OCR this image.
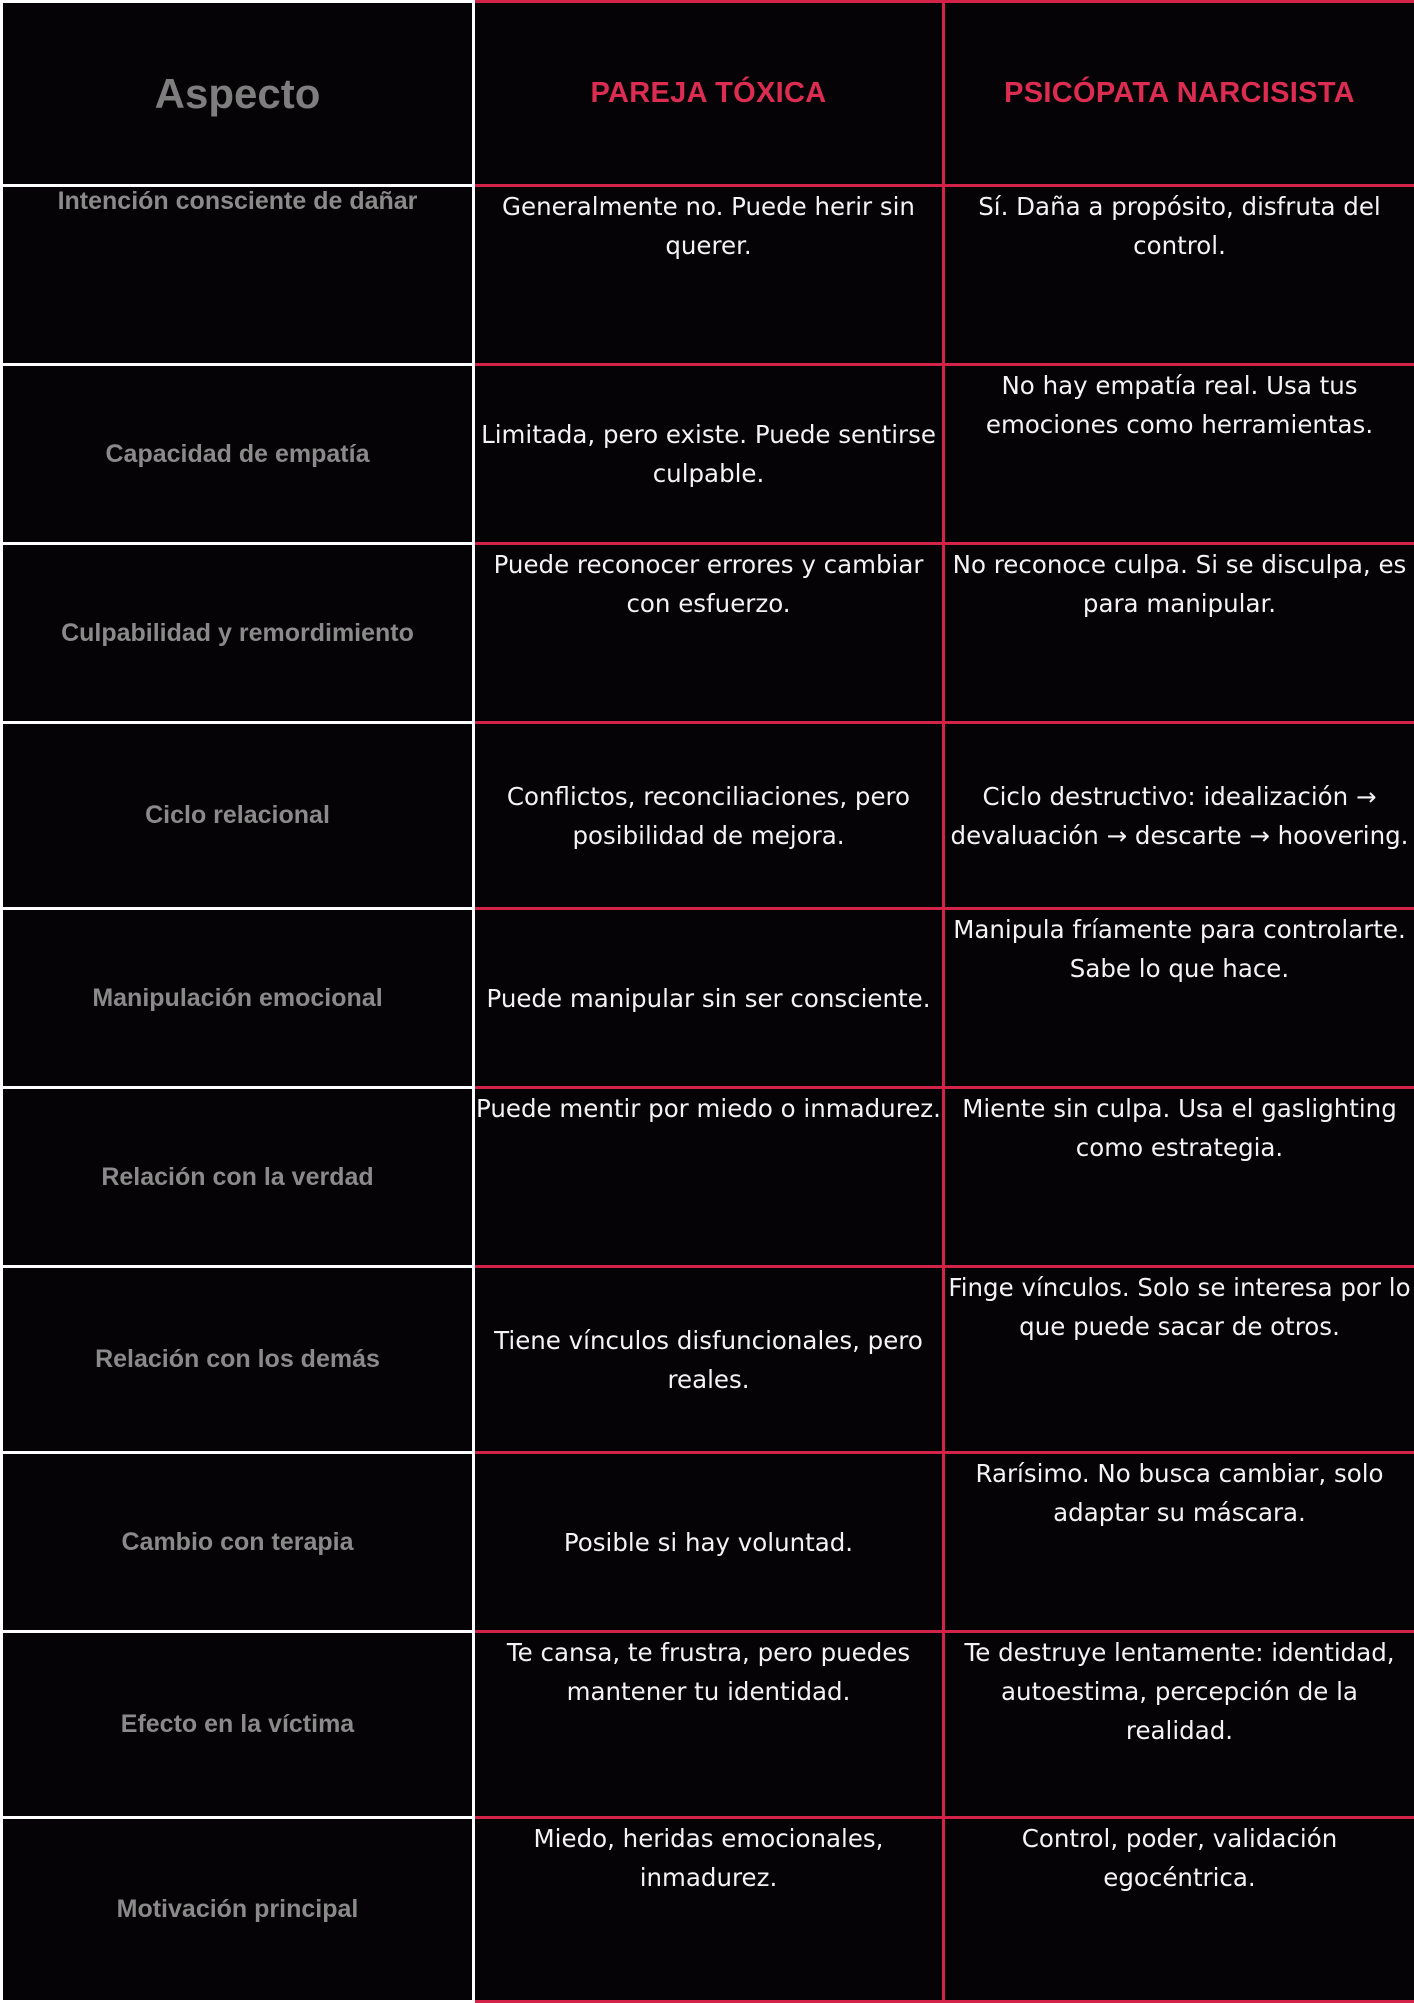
Aspecto	PAREJA TÓXICA	PSICÓPATA NARCISISTA
Intención consciente de dañar	Generalmente no. Puede herir sin querer.	Sí. Daña a propósito, disfruta del control.
Capacidad de empatía	Limitada, pero existe. Puede sentirse culpable.	No hay empatía real. Usa tus emociones como herramientas.
Culpabilidad y remordimiento	Puede reconocer errores y cambiar con esfuerzo.	No reconoce culpa. Si se disculpa, es para manipular.
Ciclo relacional	Conflictos, reconciliaciones, pero posibilidad de mejora.	Ciclo destructivo: idealización → devaluación → descarte → hoovering.
Manipulación emocional	Puede manipular sin ser consciente.	Manipula fríamente para controlarte. Sabe lo que hace.
Relación con la verdad	Puede mentir por miedo o inmadurez.	Miente sin culpa. Usa el gaslighting como estrategia.
Relación con los demás	Tiene vínculos disfuncionales, pero reales.	Finge vínculos. Solo se interesa por lo que puede sacar de otros.
Cambio con terapia	Posible si hay voluntad.	Rarísimo. No busca cambiar, solo adaptar su máscara.
Efecto en la víctima	Te cansa, te frustra, pero puedes mantener tu identidad.	Te destruye lentamente: identidad, autoestima, percepción de la realidad.
Motivación principal	Miedo, heridas emocionales, inmadurez.	Control, poder, validación egocéntrica.
